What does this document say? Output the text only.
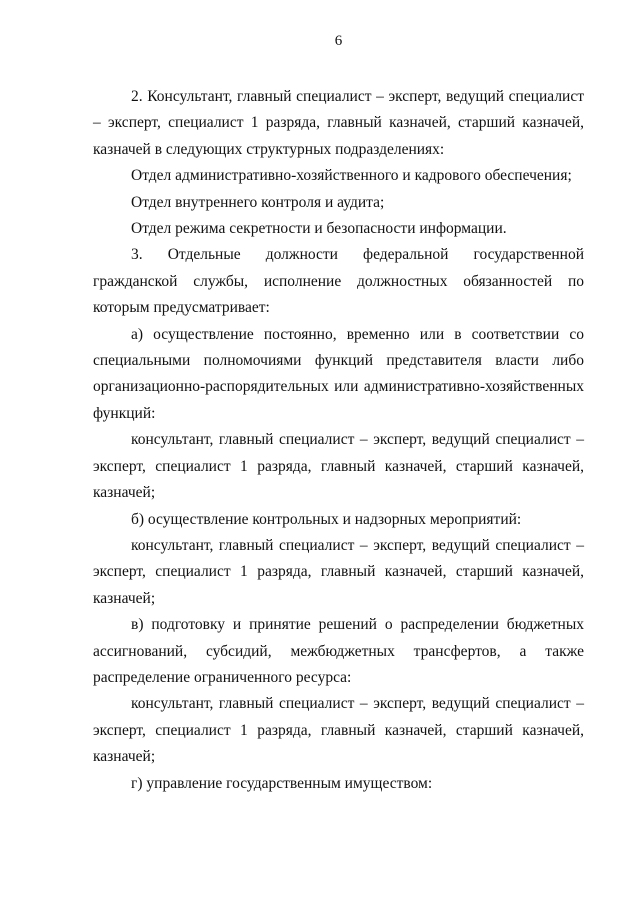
6

2. Консультант, главный специалист – эксперт, ведущий специалист – эксперт, специалист 1 разряда, главный казначей, старший казначей, казначей в следующих структурных подразделениях:

Отдел административно-хозяйственного и кадрового обеспечения;

Отдел внутреннего контроля и аудита;

Отдел режима секретности и безопасности информации.

3. Отдельные должности федеральной государственной гражданской службы, исполнение должностных обязанностей по которым предусматривает:

а) осуществление постоянно, временно или в соответствии со специальными полномочиями функций представителя власти либо организационно-распорядительных или административно-хозяйственных функций:

консультант, главный специалист – эксперт, ведущий специалист – эксперт, специалист 1 разряда, главный казначей, старший казначей, казначей;

б) осуществление контрольных и надзорных мероприятий:

консультант, главный специалист – эксперт, ведущий специалист – эксперт, специалист 1 разряда, главный казначей, старший казначей, казначей;

в) подготовку и принятие решений о распределении бюджетных ассигнований, субсидий, межбюджетных трансфертов, а также распределение ограниченного ресурса:

консультант, главный специалист – эксперт, ведущий специалист – эксперт, специалист 1 разряда, главный казначей, старший казначей, казначей;

г) управление государственным имуществом:
